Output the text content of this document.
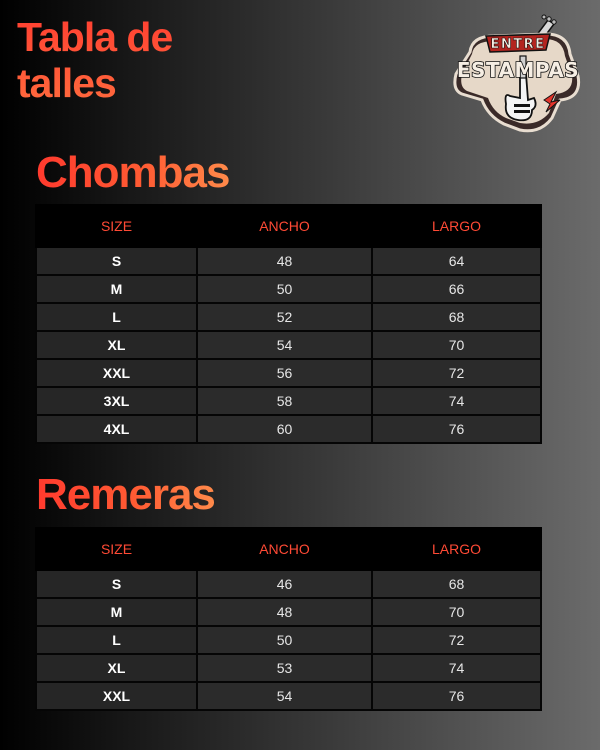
Tabla de
talles
ENTRE
ESTAMPAS
Chombas
SIZE	ANCHO	LARGO
S	48	64
M	50	66
L	52	68
XL	54	70
XXL	56	72
3XL	58	74
4XL	60	76
Remeras
SIZE	ANCHO	LARGO
S	46	68
M	48	70
L	50	72
XL	53	74
XXL	54	76
